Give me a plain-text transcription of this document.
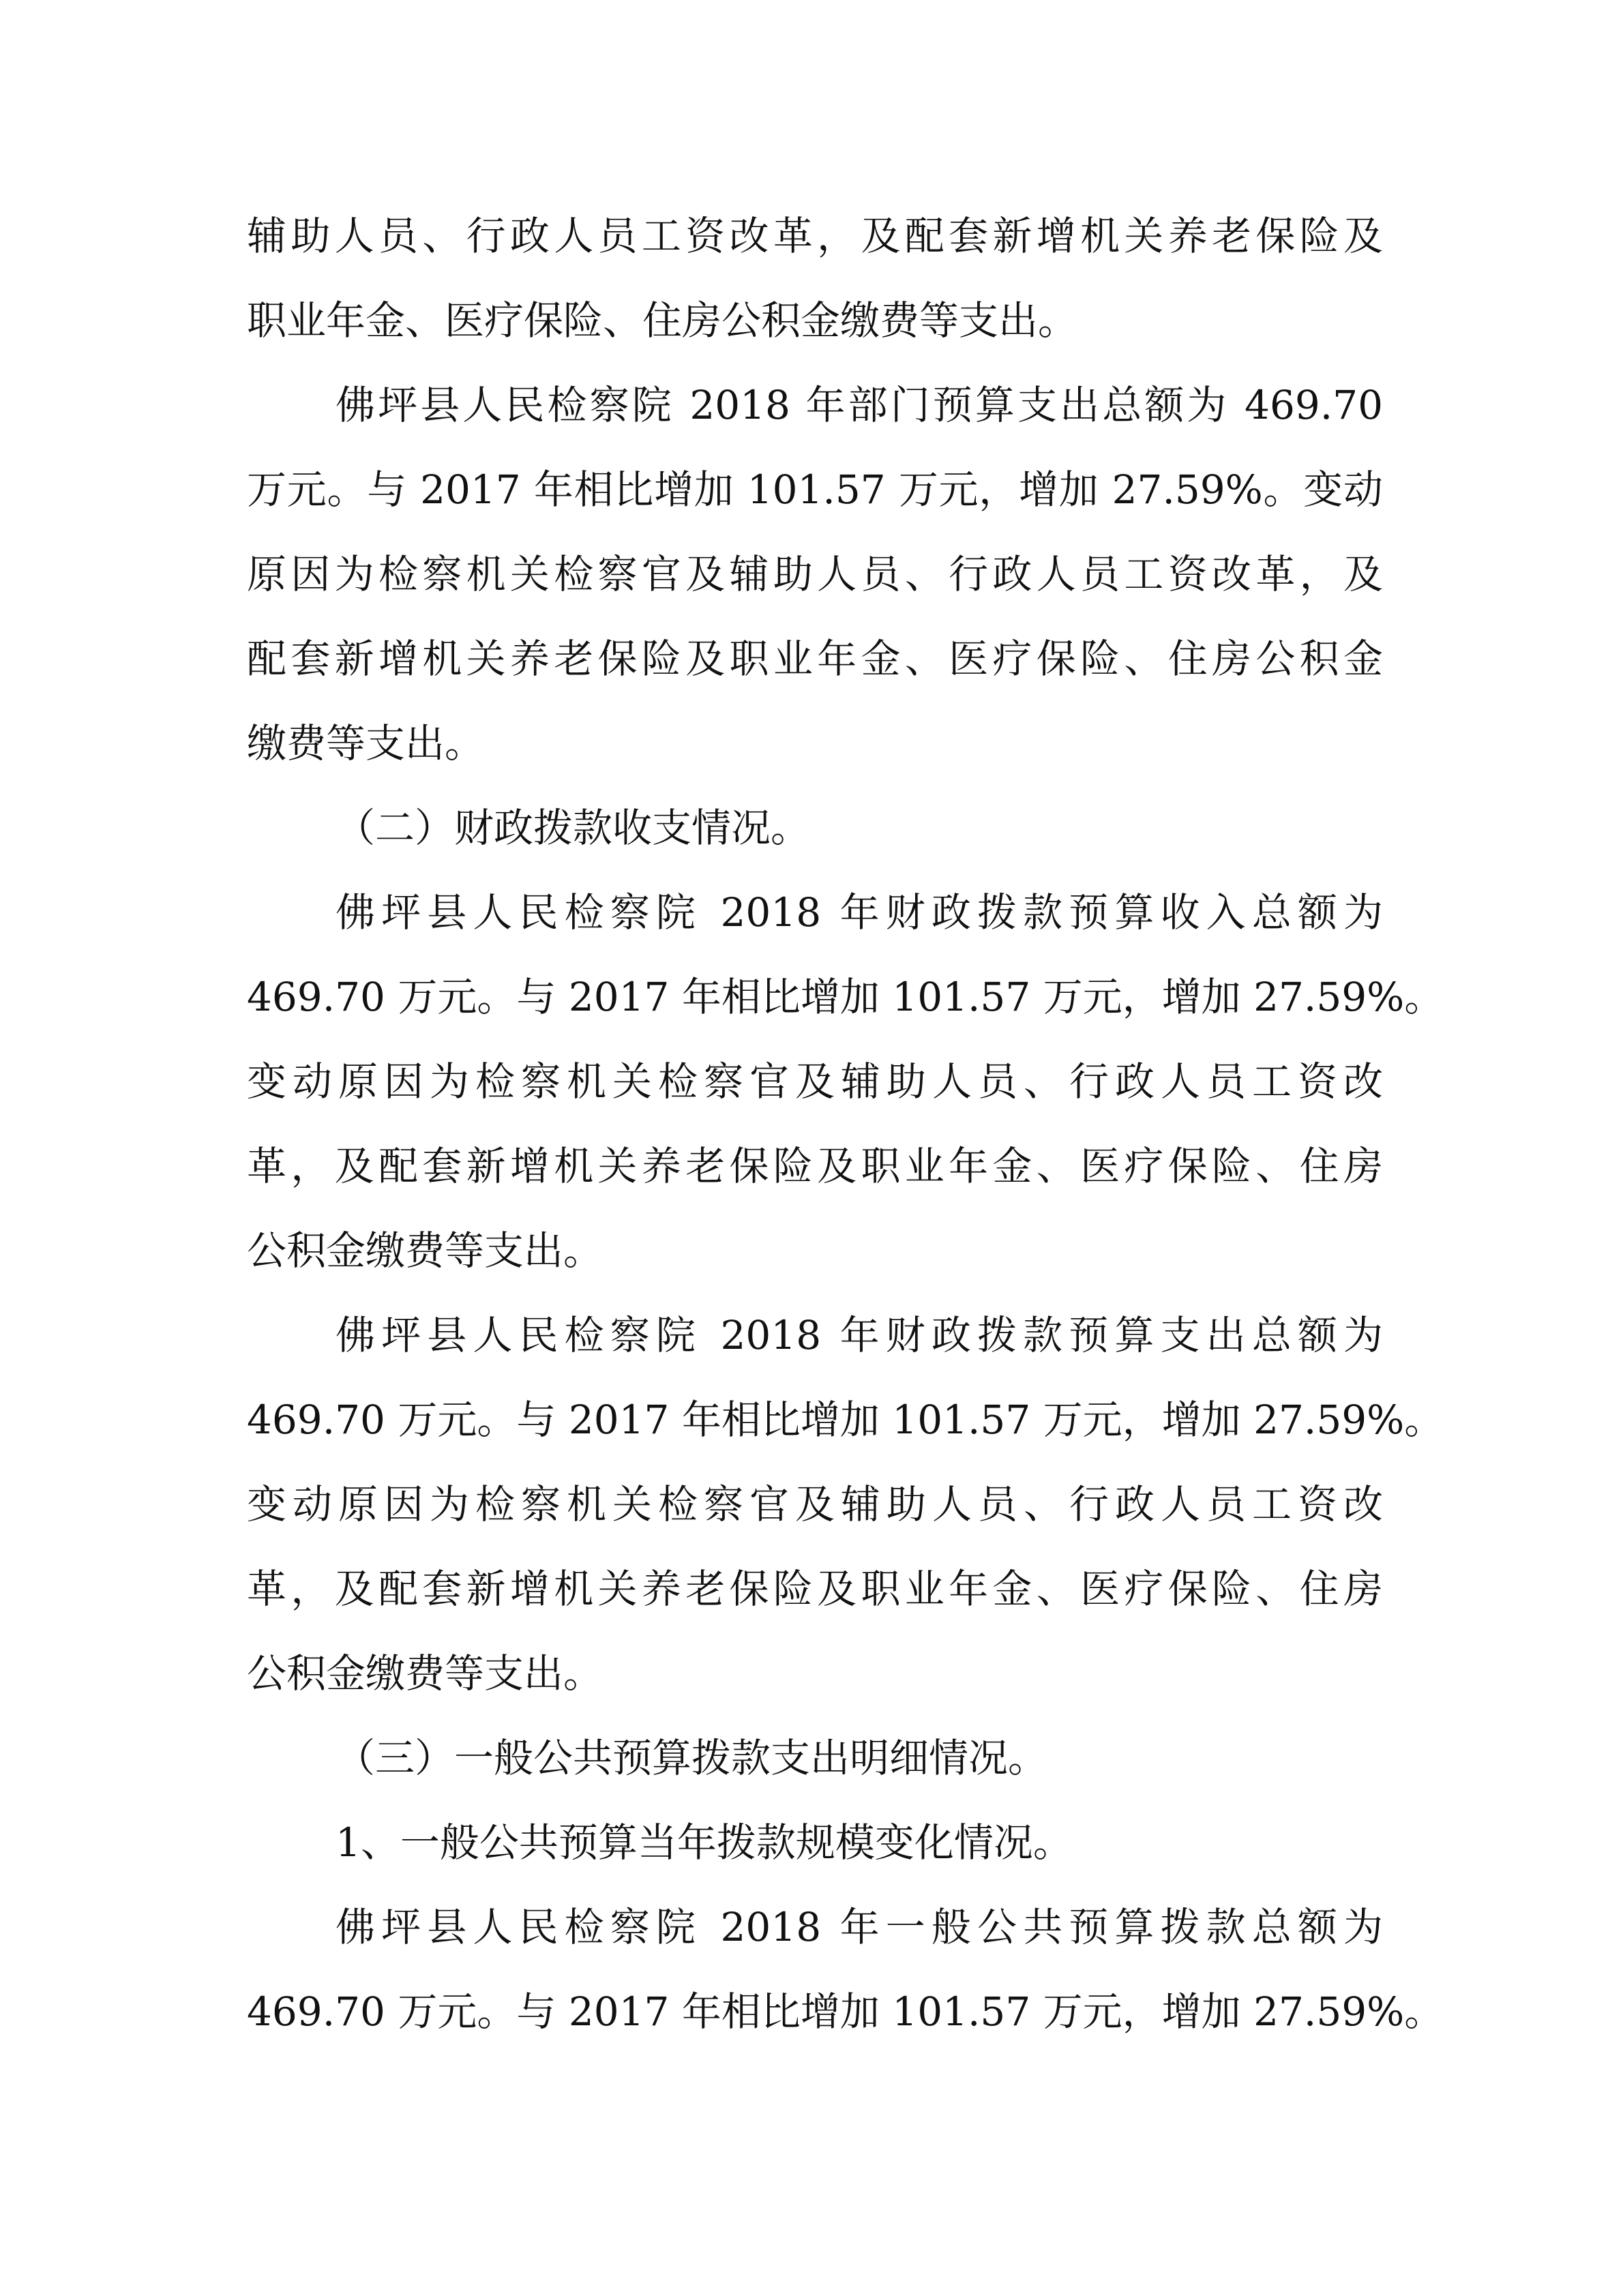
辅助人员、行政人员工资改革，及配套新增机关养老保险及
职业年金、医疗保险、住房公积金缴费等支出。
佛坪县人民检察院 2018 年部门预算支出总额为 469.70
万元。与 2017 年相比增加 101.57 万元，增加 27.59%。变动
原因为检察机关检察官及辅助人员、行政人员工资改革，及
配套新增机关养老保险及职业年金、医疗保险、住房公积金
缴费等支出。
（二）财政拨款收支情况。
佛坪县人民检察院 2018 年财政拨款预算收入总额为
469.70 万元。与 2017 年相比增加 101.57 万元，增加 27.59%。
变动原因为检察机关检察官及辅助人员、行政人员工资改
革，及配套新增机关养老保险及职业年金、医疗保险、住房
公积金缴费等支出。
佛坪县人民检察院 2018 年财政拨款预算支出总额为
469.70 万元。与 2017 年相比增加 101.57 万元，增加 27.59%。
变动原因为检察机关检察官及辅助人员、行政人员工资改
革，及配套新增机关养老保险及职业年金、医疗保险、住房
公积金缴费等支出。
（三）一般公共预算拨款支出明细情况。
1、一般公共预算当年拨款规模变化情况。
佛坪县人民检察院 2018 年一般公共预算拨款总额为
469.70 万元。与 2017 年相比增加 101.57 万元，增加 27.59%。
